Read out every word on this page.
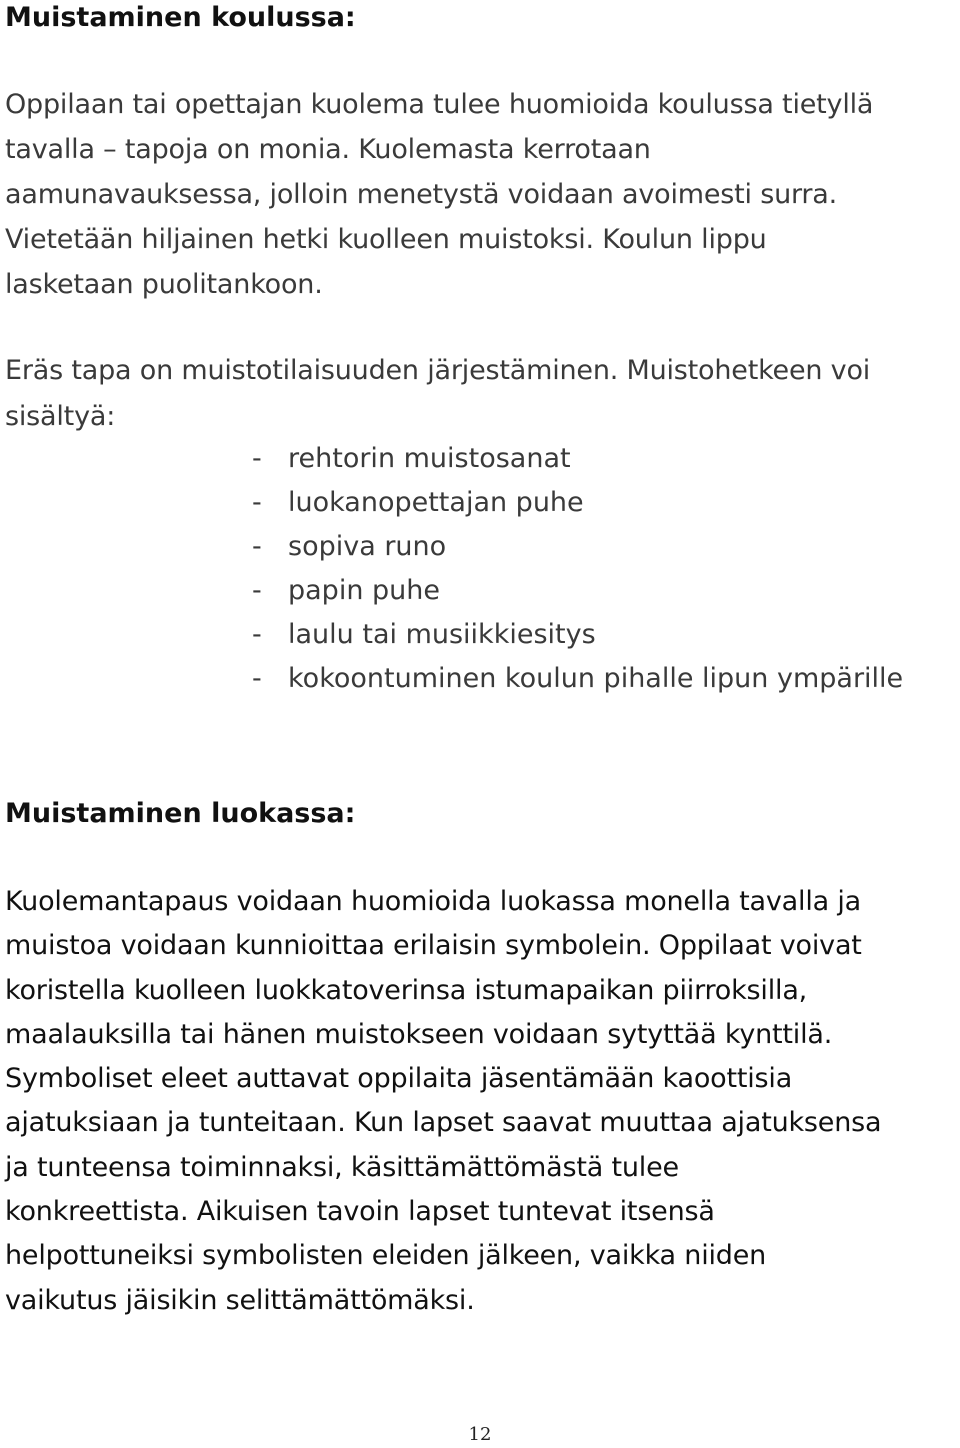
Muistaminen koulussa:
Oppilaan tai opettajan kuolema tulee huomioida koulussa tietyllä
tavalla – tapoja on monia. Kuolemasta kerrotaan
aamunavauksessa, jolloin menetystä voidaan avoimesti surra.
Vietetään hiljainen hetki kuolleen muistoksi. Koulun lippu
lasketaan puolitankoon.
Eräs tapa on muistotilaisuuden järjestäminen. Muistohetkeen voi
sisältyä:
- rehtorin muistosanat
- luokanopettajan puhe
- sopiva runo
- papin puhe
- laulu tai musiikkiesitys
- kokoontuminen koulun pihalle lipun ympärille
Muistaminen luokassa:
Kuolemantapaus voidaan huomioida luokassa monella tavalla ja
muistoa voidaan kunnioittaa erilaisin symbolein. Oppilaat voivat
koristella kuolleen luokkatoverinsa istumapaikan piirroksilla,
maalauksilla tai hänen muistokseen voidaan sytyttää kynttilä.
Symboliset eleet auttavat oppilaita jäsentämään kaoottisia
ajatuksiaan ja tunteitaan. Kun lapset saavat muuttaa ajatuksensa
ja tunteensa toiminnaksi, käsittämättömästä tulee
konkreettista. Aikuisen tavoin lapset tuntevat itsensä
helpottuneiksi symbolisten eleiden jälkeen, vaikka niiden
vaikutus jäisikin selittämättömäksi.
12
